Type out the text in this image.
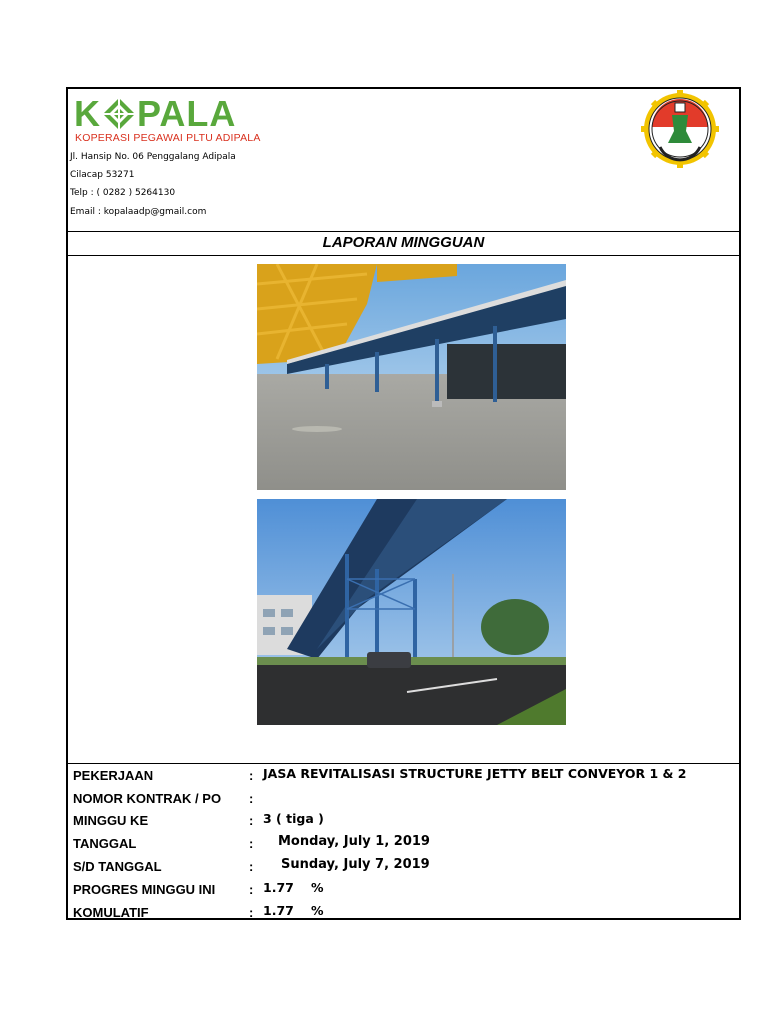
K PALA
KOPERASI PEGAWAI PLTU ADIPALA
Jl. Hansip No. 06 Penggalang Adipala
Cilacap 53271
Telp : ( 0282 ) 5264130
Email : kopalaadp@gmail.com
LAPORAN MINGGUAN
PEKERJAAN	: JASA REVITALISASI STRUCTURE JETTY BELT CONVEYOR 1 & 2
NOMOR KONTRAK / PO :
MINGGU KE	: 3 ( tiga )
TANGGAL	: Monday, July 1, 2019
S/D TANGGAL	: Sunday, July 7, 2019
PROGRES MINGGU INI	: 1.77 %
KOMULATIF	: 1.77 %
